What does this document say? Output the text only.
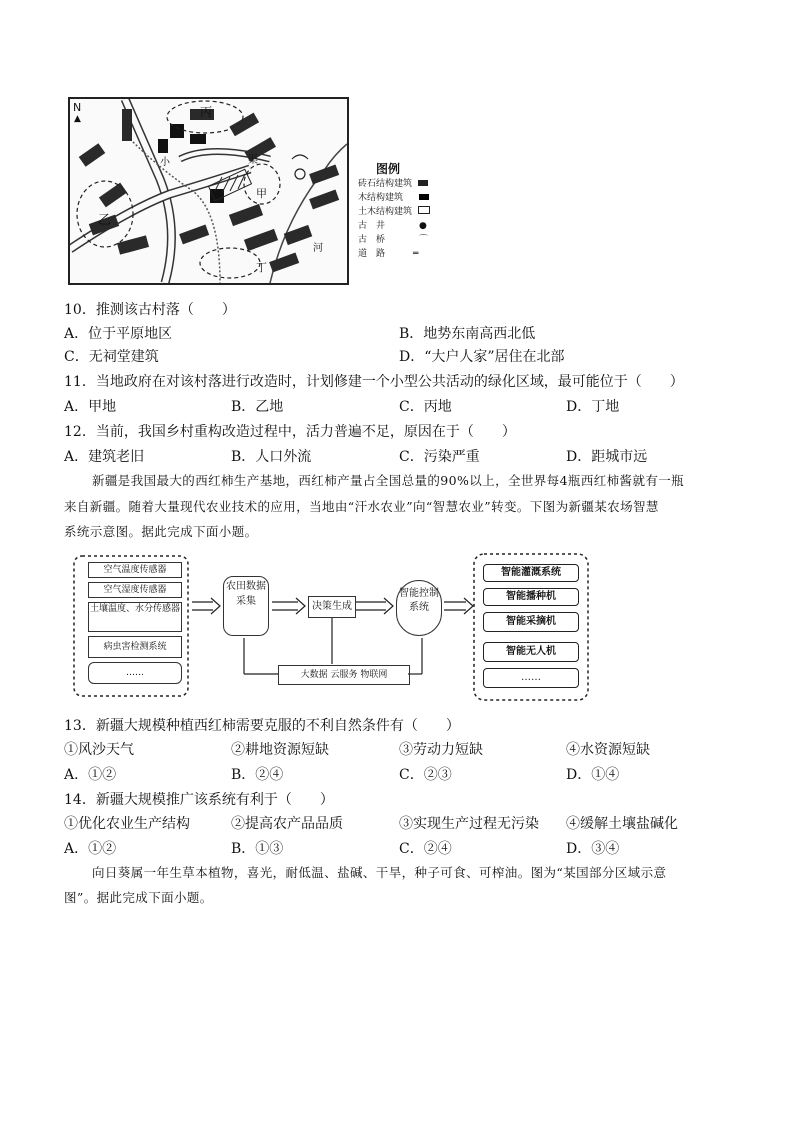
N
▲	丙
甲
乙
丁
小	渠
河
图例
砖石结构建筑
木结构建筑
土木结构建筑
古　井	●
古　桥	⌒
道　路	═
10．推测该古村落（　　）
A．位于平原地区	B．地势东南高西北低
C．无祠堂建筑	D．“大户人家”居住在北部
11．当地政府在对该村落进行改造时，计划修建一个小型公共活动的绿化区域，最可能位于（　　）
A．甲地	B．乙地	C．丙地	D．丁地
12．当前，我国乡村重构改造过程中，活力普遍不足，原因在于（　　）
A．建筑老旧	B．人口外流	C．污染严重	D．距城市远
新疆是我国最大的西红柿生产基地，西红柿产量占全国总量的90%以上，全世界每4瓶西红柿酱就有一瓶
来自新疆。随着大量现代农业技术的应用，当地由“汗水农业”向“智慧农业”转变。下图为新疆某农场智慧
系统示意图。据此完成下面小题。
空气温度传感器
空气湿度传感器
土壤温度、水分传感器
病虫害检测系统
……
农田数据采集	决策生成
智能控制系统
大数据 云服务 物联网
智能灌溉系统
智能播种机
智能采摘机
智能无人机
……
13．新疆大规模种植西红柿需要克服的不利自然条件有（　　）
①风沙天气	②耕地资源短缺	③劳动力短缺	④水资源短缺
A．①②	B．②④	C．②③	D．①④
14．新疆大规模推广该系统有利于（　　）
①优化农业生产结构	②提高农产品品质	③实现生产过程无污染 ④缓解土壤盐碱化
A．①②	B．①③	C．②④	D．③④
向日葵属一年生草本植物，喜光，耐低温、盐碱、干旱，种子可食、可榨油。图为“某国部分区域示意
图”。据此完成下面小题。
